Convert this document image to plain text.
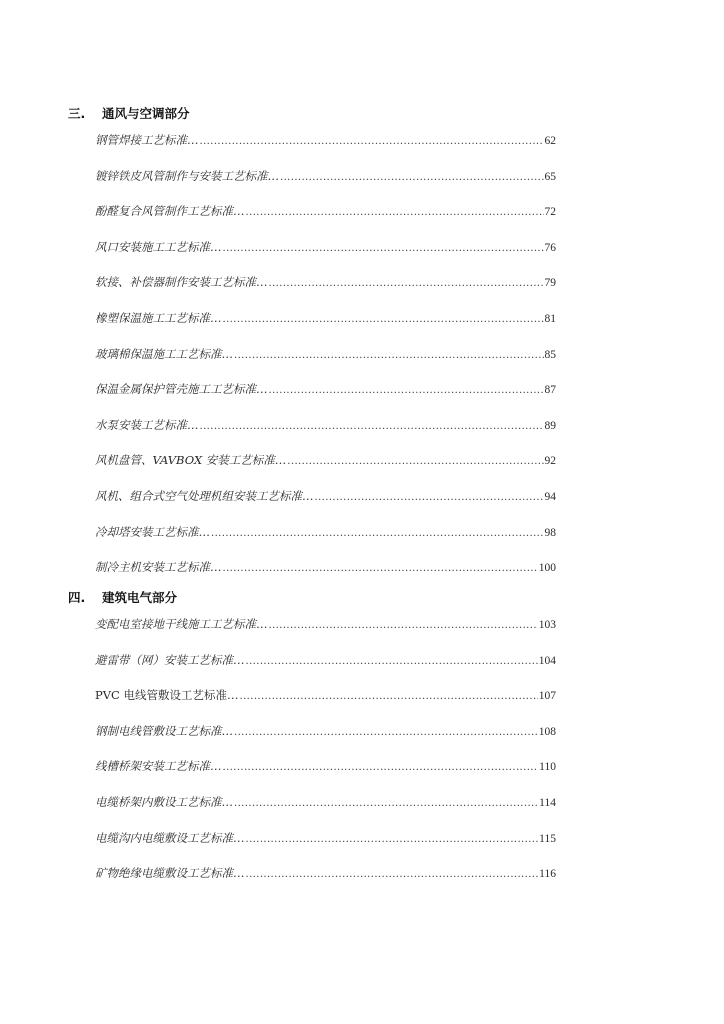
三.	通风与空调部分
钢管焊接工艺标准… .....	62
镀锌铁皮风管制作与安装工艺标准… .....	65
酚醛复合风管制作工艺标准… .....	72
风口安装施工工艺标准… .....	76
软接、补偿器制作安装工艺标准… .....	79
橡塑保温施工工艺标准… .....	81
玻璃棉保温施工工艺标准… .....	85
保温金属保护管壳施工工艺标准… .....	87
水泵安装工艺标准… .....	89
风机盘管、VAVBOX 安装工艺标准… .....	92
风机、组合式空气处理机组安装工艺标准… .....	94
冷却塔安装工艺标准… .....	98
制冷主机安装工艺标准… .....	100
四.	建筑电气部分
变配电室接地干线施工工艺标准… .....	103
避雷带（网）安装工艺标准… .....	104
PVC 电线管敷设工艺标准… .....	107
钢制电线管敷设工艺标准… .....	108
线槽桥架安装工艺标准… .....	110
电缆桥架内敷设工艺标准… .....	114
电缆沟内电缆敷设工艺标准… .....	115
矿物绝缘电缆敷设工艺标准… .....	116
